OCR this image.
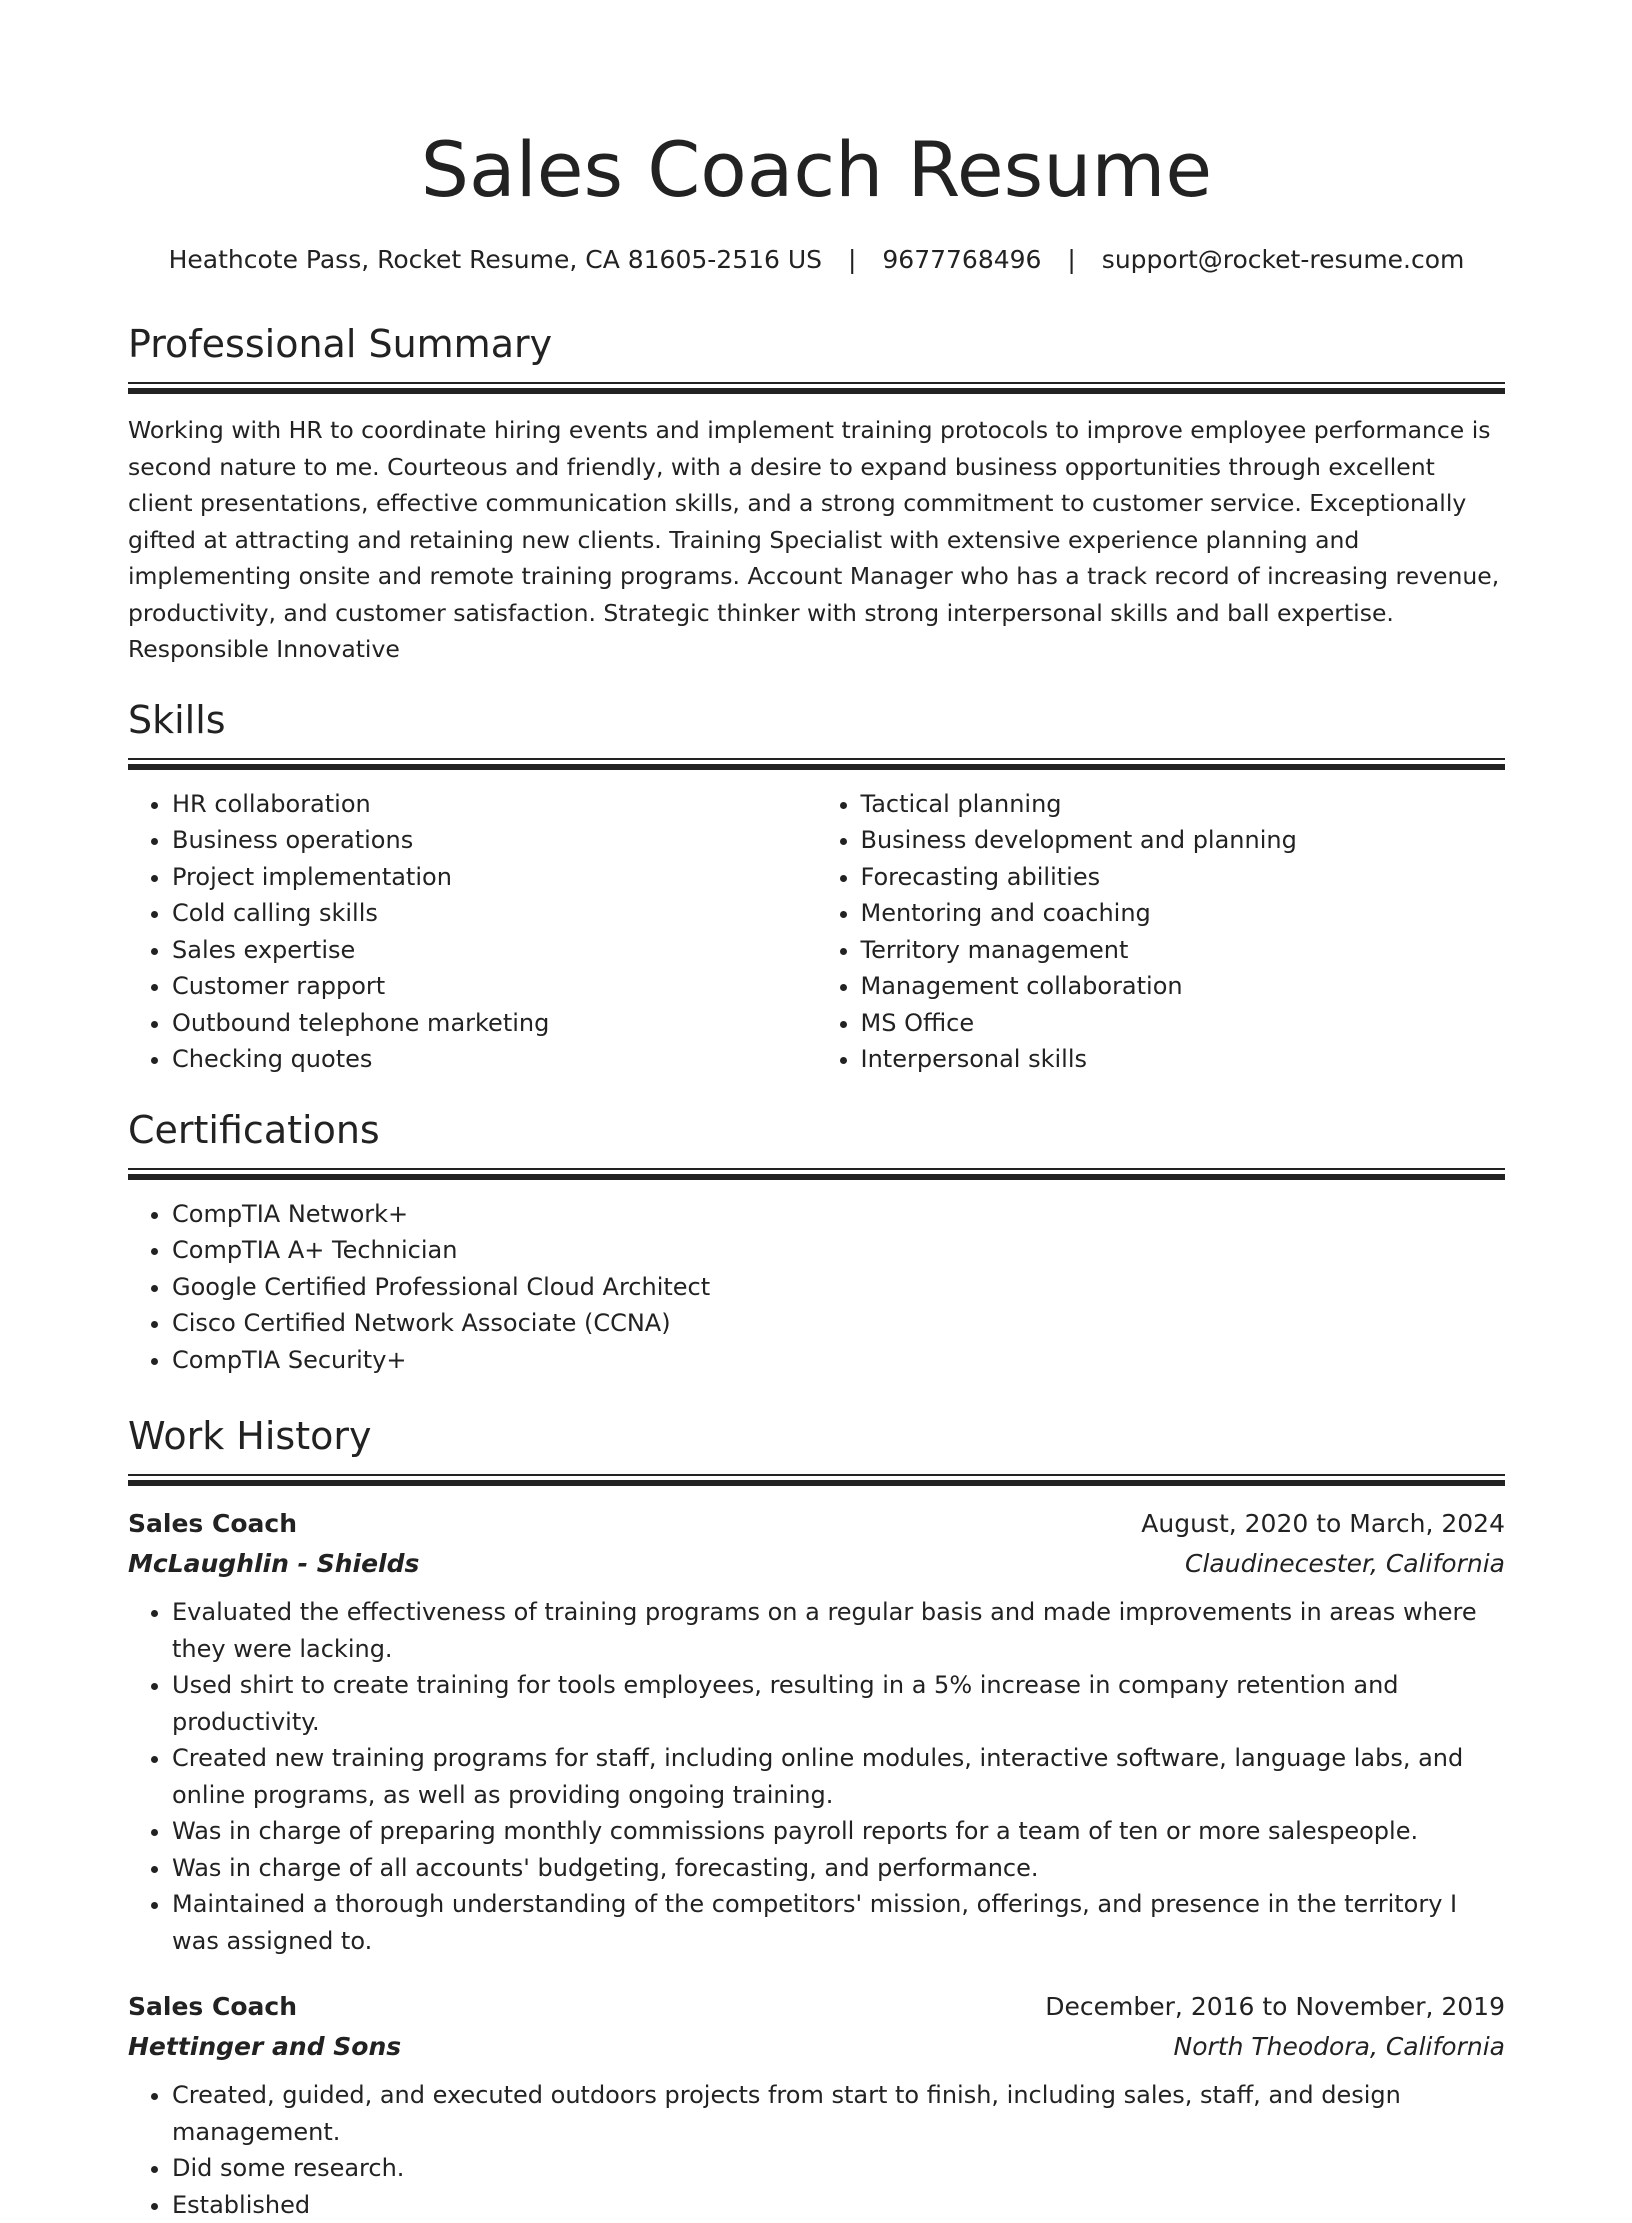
Sales Coach Resume
Heathcote Pass, Rocket Resume, CA 81605-2516 US | 9677768496 | support@rocket-resume.com
Professional Summary

Working with HR to coordinate hiring events and implement training protocols to improve employee performance is second nature to me. Courteous and friendly, with a desire to expand business opportunities through excellent client presentations, effective communication skills, and a strong commitment to customer service. Exceptionally gifted at attracting and retaining new clients. Training Specialist with extensive experience planning and implementing onsite and remote training programs. Account Manager who has a track record of increasing revenue, productivity, and customer satisfaction. Strategic thinker with strong interpersonal skills and ball expertise. Responsible Innovative

Skills
• HR collaboration
• Business operations
• Project implementation
• Cold calling skills
• Sales expertise
• Customer rapport
• Outbound telephone marketing
• Checking quotes
• Tactical planning
• Business development and planning
• Forecasting abilities
• Mentoring and coaching
• Territory management
• Management collaboration
• MS Office
• Interpersonal skills
Certifications
• CompTIA Network+
• CompTIA A+ Technician
• Google Certified Professional Cloud Architect
• Cisco Certified Network Associate (CCNA)
• CompTIA Security+
Work History
Sales Coach	August, 2020 to March, 2024
McLaughlin - Shields	Claudinecester, California
• Evaluated the effectiveness of training programs on a regular basis and made improvements in areas where they were lacking.
• Used shirt to create training for tools employees, resulting in a 5% increase in company retention and productivity.
• Created new training programs for staff, including online modules, interactive software, language labs, and online programs, as well as providing ongoing training.
• Was in charge of preparing monthly commissions payroll reports for a team of ten or more salespeople.
• Was in charge of all accounts' budgeting, forecasting, and performance.
• Maintained a thorough understanding of the competitors' mission, offerings, and presence in the territory I was assigned to.
Sales Coach	December, 2016 to November, 2019
Hettinger and Sons	North Theodora, California
• Created, guided, and executed outdoors projects from start to finish, including sales, staff, and design management.
• Did some research.
• Established
